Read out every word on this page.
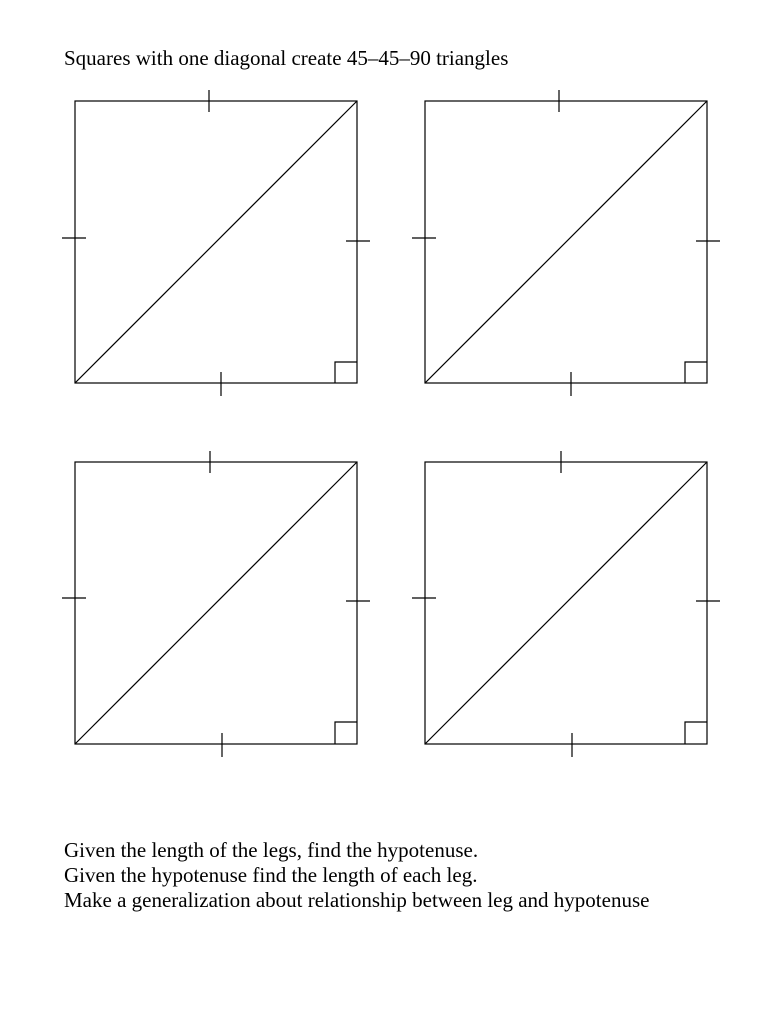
Squares with one diagonal create 45–45–90 triangles
Given the length of the legs, find the hypotenuse.
Given the hypotenuse find the length of each leg.
Make a generalization about relationship between leg and hypotenuse
